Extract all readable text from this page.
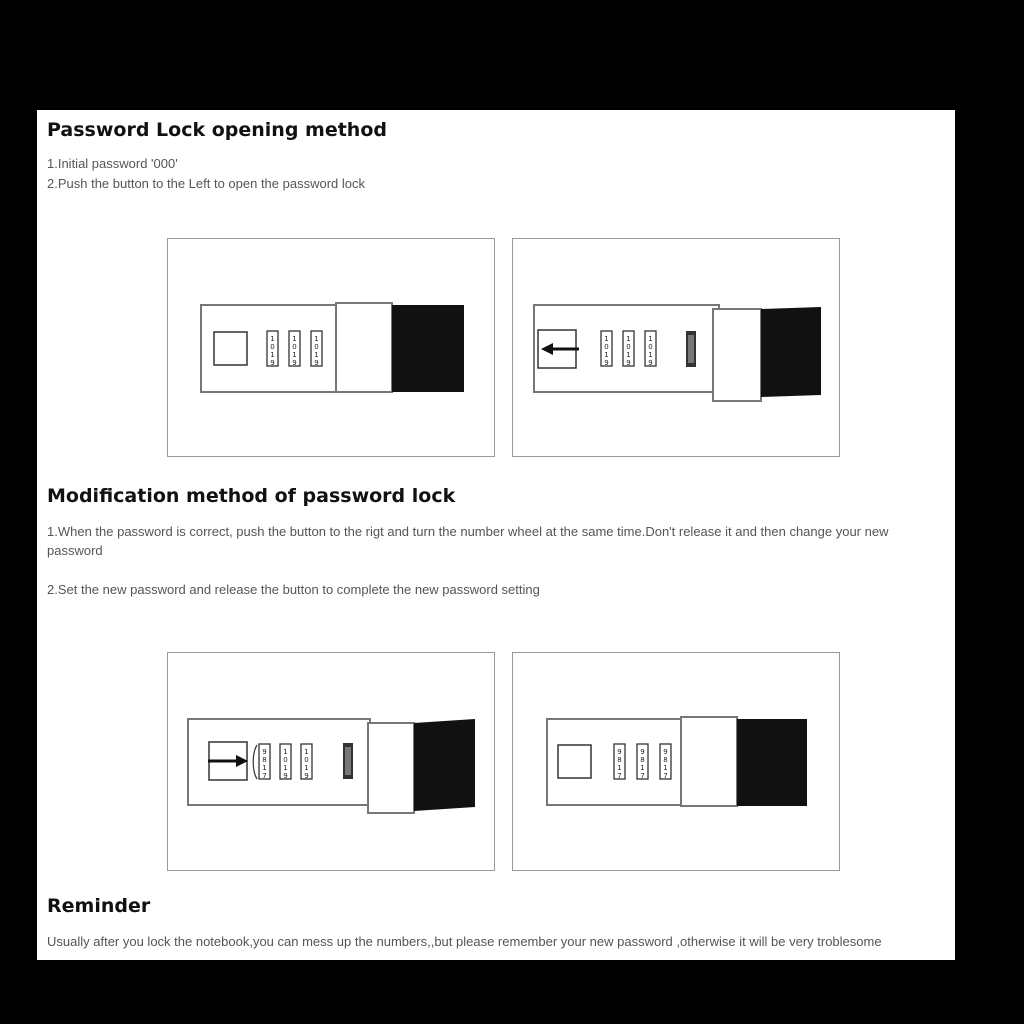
Password Lock opening method

1.Initial password '000'

2.Push the button to the Left to open the password lock

1
0
1
9
1
0
1
9
1
0
1
9
1
0
1
9
1
0
1
9
1
0
1
9
Modification method of password lock

1.When the password is correct, push the button to the rigt and turn the number wheel at the same time.Don't release it and then change your new

password

2.Set the new password and release the button to complete the new password setting

9
8
1
7
1
0
1
9
1
0
1
9
9
8
1
7
9
8
1
7
9
8
1
7
Reminder

Usually after you lock the notebook,you can mess up the numbers,,but please remember your new password ,otherwise it will be very troblesome
